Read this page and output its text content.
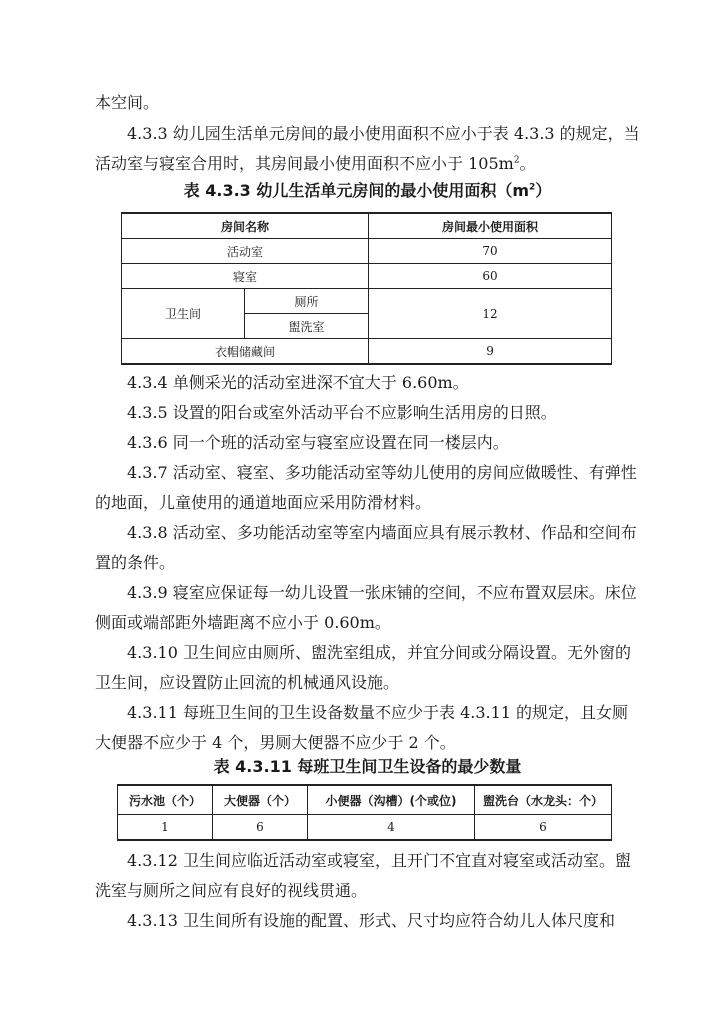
本空间。

4.3.3 幼儿园生活单元房间的最小使用面积不应小于表 4.3.3 的规定，当活动室与寝室合用时，其房间最小使用面积不应小于 $105m^2$。

表 4.3.3 幼儿生活单元房间的最小使用面积$(m^2)$

房间名称		房间最小使用面积
活动室		70
寝室		60
卫生间	厕所	12
	盥洗室	
衣帽储藏间		9

4.3.4 单侧采光的活动室进深不宜大于 6.60m。

4.3.5 设置的阳台或室外活动平台不应影响生活用房的日照。

4.3.6 同一个班的活动室与寝室应设置在同一楼层内。

4.3.7 活动室、寝室、多功能活动室等幼儿使用的房间应做暖性、有弹性的地面，儿童使用的通道地面应采用防滑材料。

4.3.8 活动室、多功能活动室等室内墙面应具有展示教材、作品和空间布置的条件。

4.3.9 寝室应保证每一幼儿设置一张床铺的空间，不应布置双层床。床位侧面或端部距外墙距离不应小于 0.60m。

4.3.10 卫生间应由厕所、盥洗室组成，并宜分间或分隔设置。无外窗的卫生间，应设置防止回流的机械通风设施。

4.3.11 每班卫生间的卫生设备数量不应少于表 4.3.11 的规定，且女厕大便器不应少于 4 个，男厕大便器不应少于 2 个。

表 4.3.11 每班卫生间卫生设备的最少数量

污水池（个）	大便器（个）	小便器（沟槽）(个或位)	盥洗台（水龙头：个）
1	6	4	6

4.3.12 卫生间应临近活动室或寝室，且开门不宜直对寝室或活动室。盥洗室与厕所之间应有良好的视线贯通。

4.3.13 卫生间所有设施的配置、形式、尺寸均应符合幼儿人体尺度和
